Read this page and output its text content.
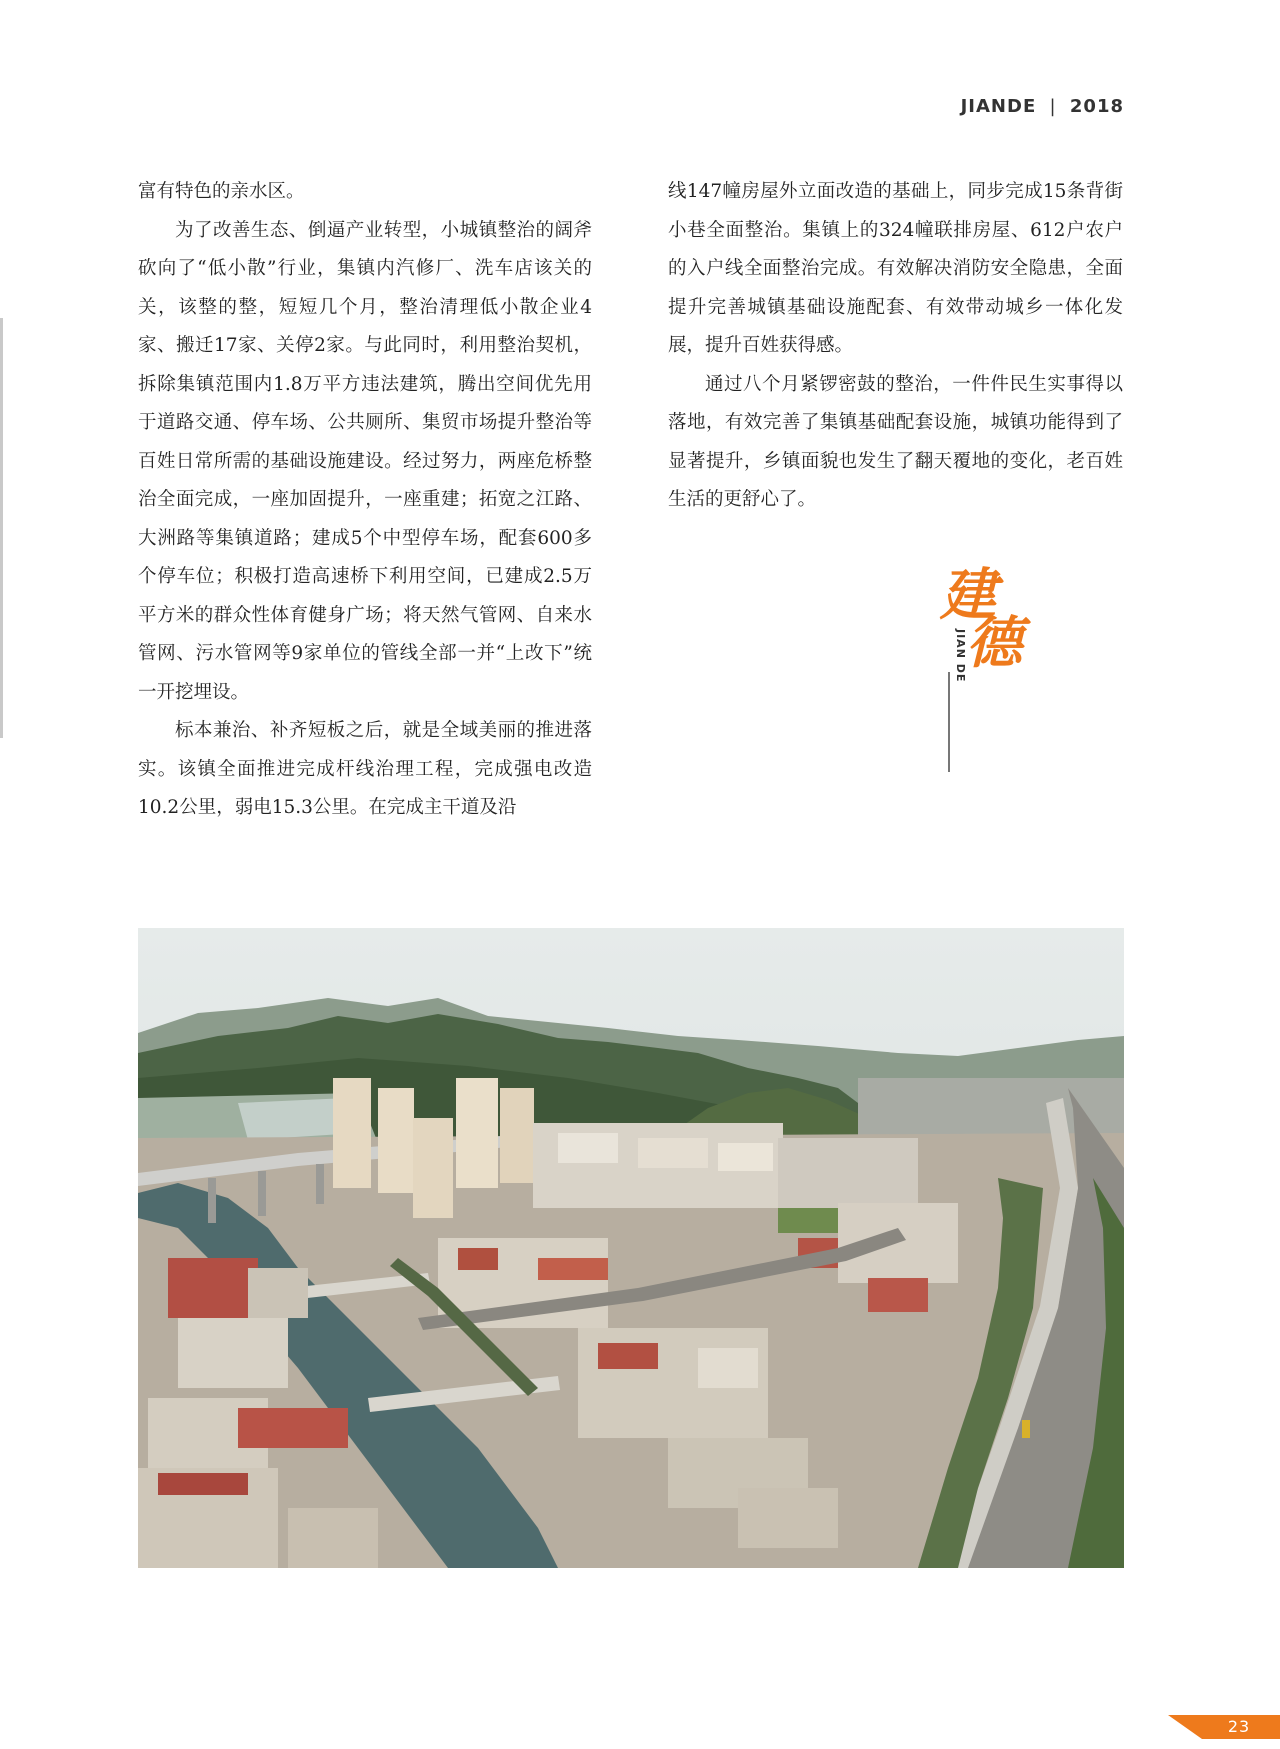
JIANDE | 2018

富有特色的亲水区。

为了改善生态、倒逼产业转型，小城镇整治的阔斧砍向了“低小散”行业，集镇内汽修厂、洗车店该关的关，该整的整，短短几个月，整治清理低小散企业4家、搬迁17家、关停2家。与此同时，利用整治契机，拆除集镇范围内1.8万平方违法建筑，腾出空间优先用于道路交通、停车场、公共厕所、集贸市场提升整治等百姓日常所需的基础设施建设。经过努力，两座危桥整治全面完成，一座加固提升，一座重建；拓宽之江路、大洲路等集镇道路；建成5个中型停车场，配套600多个停车位；积极打造高速桥下利用空间，已建成2.5万平方米的群众性体育健身广场；将天然气管网、自来水管网、污水管网等9家单位的管线全部一并“上改下”统一开挖埋设。

标本兼治、补齐短板之后，就是全域美丽的推进落实。该镇全面推进完成杆线治理工程，完成强电改造10.2公里，弱电15.3公里。在完成主干道及沿

线147幢房屋外立面改造的基础上，同步完成15条背街小巷全面整治。集镇上的324幢联排房屋、612户农户的入户线全面整治完成。有效解决消防安全隐患，全面提升完善城镇基础设施配套、有效带动城乡一体化发展，提升百姓获得感。

通过八个月紧锣密鼓的整治，一件件民生实事得以落地，有效完善了集镇基础配套设施，城镇功能得到了显著提升，乡镇面貌也发生了翻天覆地的变化，老百姓生活的更舒心了。

建
德
JIAN DE
23
